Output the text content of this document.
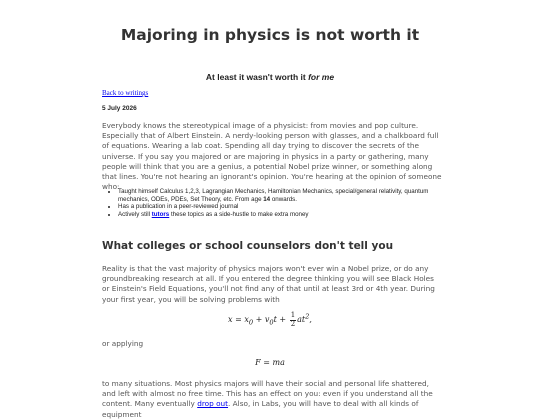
Majoring in physics is not worth it
At least it wasn't worth it for me
Back to writings
5 July 2026

Everybody knows the stereotypical image of a physicist: from movies and pop culture. Especially that of Albert Einstein. A nerdy-looking person with glasses, and a chalkboard full of equations. Wearing a lab coat. Spending all day trying to discover the secrets of the universe. If you say you majored or are majoring in physics in a party or gathering, many people will think that you are a genius, a potential Nobel prize winner, or something along that lines. You're not hearing an ignorant's opinion. You're hearing at the opinion of someone who:

• Taught himself Calculus 1,2,3, Lagrangian Mechanics, Hamiltonian Mechanics, special/general relativity, quantum mechanics, ODEs, PDEs, Set Theory, etc. From age 14 onwards.
• Has a publication in a peer-reviewed journal
• Actively still tutors these topics as a side-hustle to make extra money
What colleges or school counselors don't tell you

Reality is that the vast majority of physics majors won't ever win a Nobel prize, or do any groundbreaking research at all. If you entered the degree thinking you will see Black Holes or Einstein's Field Equations, you'll not find any of that until at least 3rd or 4th year. During your first year, you will be solving problems with

$x = x_0 + v_0t + \frac{1}{2} at^2$,

or applying

F = ma

to many situations. Most physics majors will have their social and personal life shattered, and left with almost no free time. This has an effect on you: even if you understand all the content. Many eventually drop out. Also, in Labs, you will have to deal with all kinds of equipment
